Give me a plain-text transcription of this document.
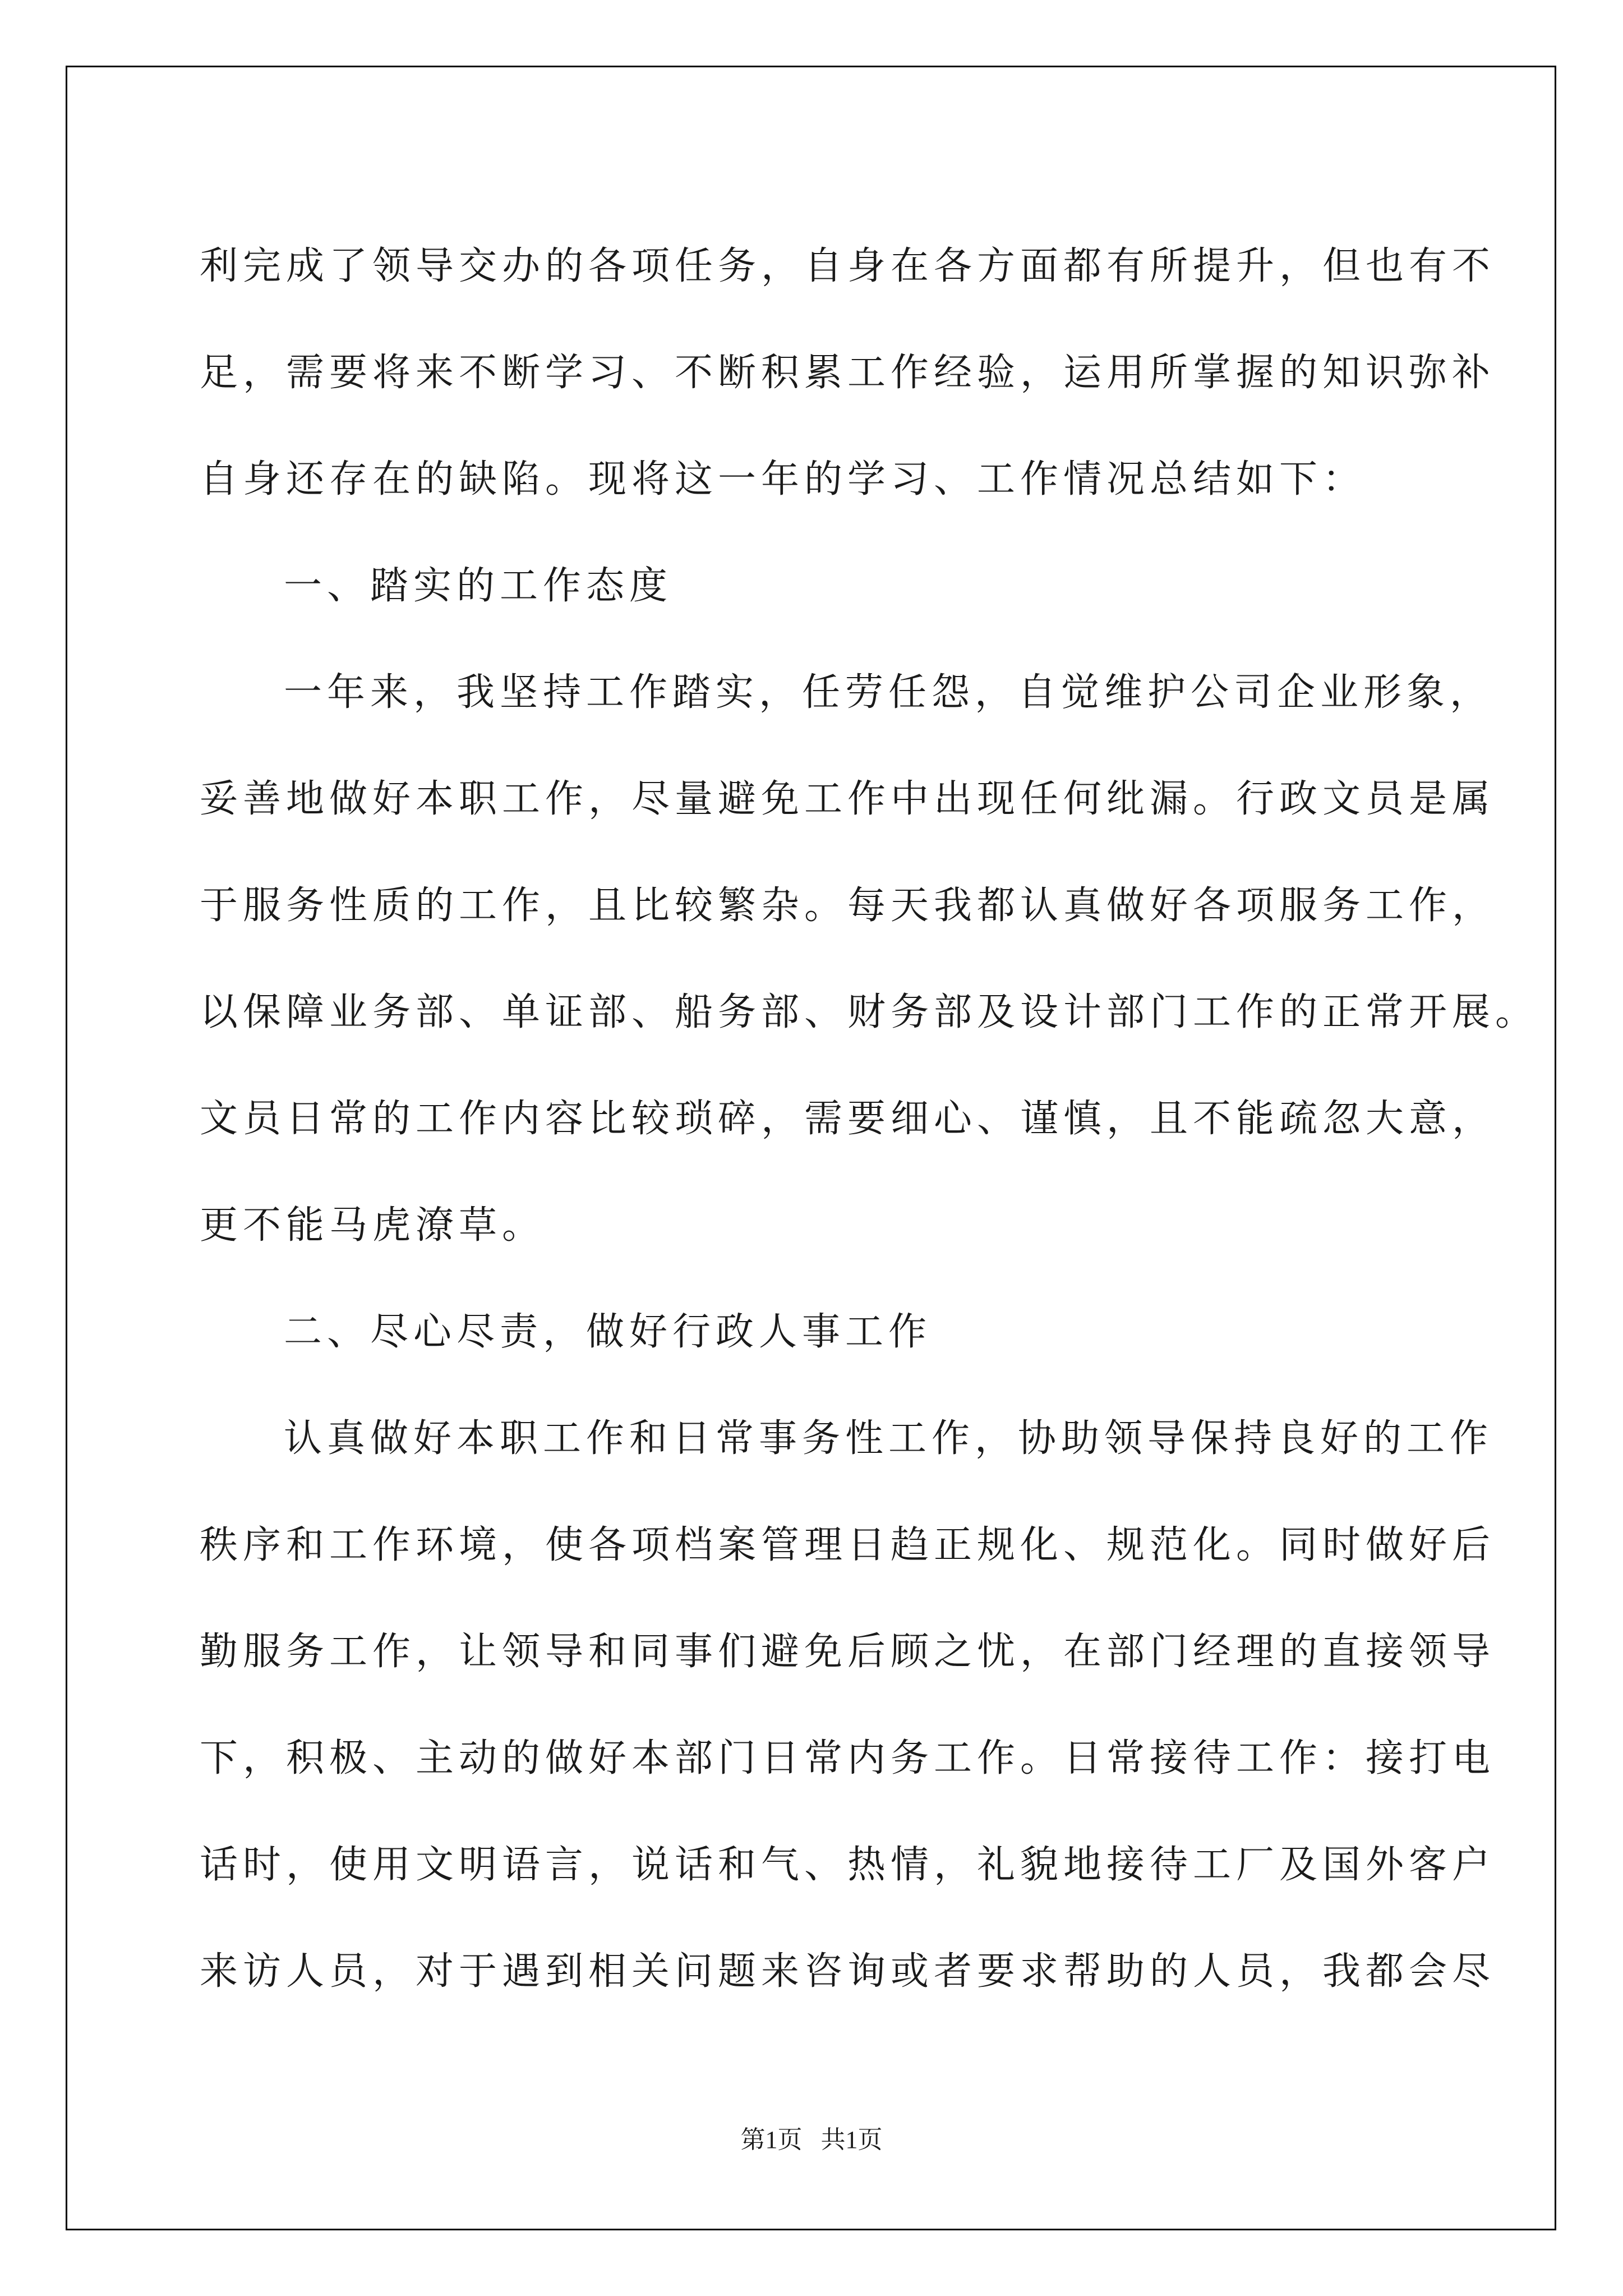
利完成了领导交办的各项任务，自身在各方面都有所提升，但也有不
足，需要将来不断学习、不断积累工作经验，运用所掌握的知识弥补
自身还存在的缺陷。现将这一年的学习、工作情况总结如下：
一、踏实的工作态度
一年来，我坚持工作踏实，任劳任怨，自觉维护公司企业形象，
妥善地做好本职工作，尽量避免工作中出现任何纰漏。行政文员是属
于服务性质的工作，且比较繁杂。每天我都认真做好各项服务工作，
以保障业务部、单证部、船务部、财务部及设计部门工作的正常开展。
文员日常的工作内容比较琐碎，需要细心、谨慎，且不能疏忽大意，
更不能马虎潦草。
二、尽心尽责，做好行政人事工作
认真做好本职工作和日常事务性工作，协助领导保持良好的工作
秩序和工作环境，使各项档案管理日趋正规化、规范化。同时做好后
勤服务工作，让领导和同事们避免后顾之忧，在部门经理的直接领导
下，积极、主动的做好本部门日常内务工作。日常接待工作：接打电
话时，使用文明语言，说话和气、热情，礼貌地接待工厂及国外客户
来访人员，对于遇到相关问题来咨询或者要求帮助的人员，我都会尽
第1页   共1页
